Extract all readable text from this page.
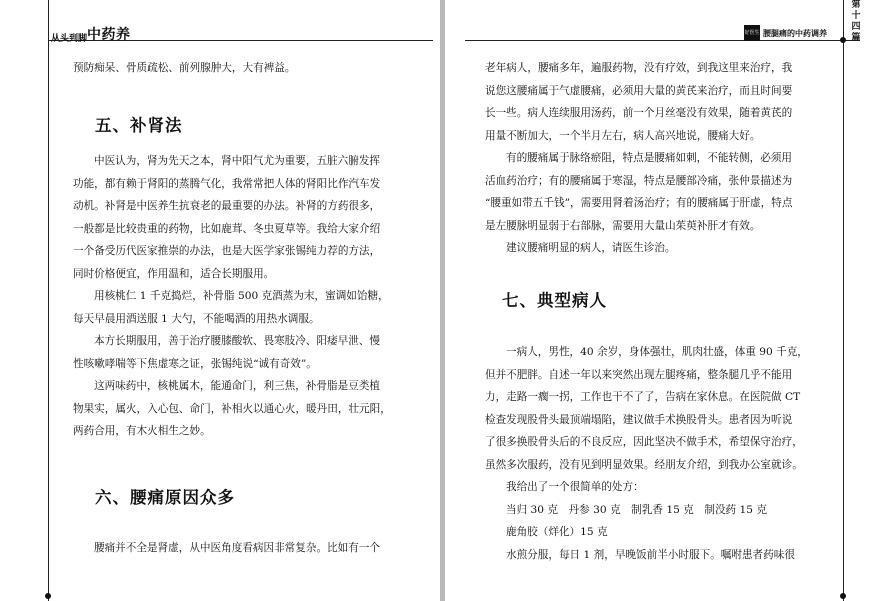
从头到脚 中药养
预防痴呆、骨质疏松、前列腺肿大，大有裨益。
五、补肾法
中医认为，肾为先天之本，肾中阳气尤为重要，五脏六腑发挥
功能，都有赖于肾阳的蒸腾气化，我常常把人体的肾阳比作汽车发
动机。补肾是中医养生抗衰老的最重要的办法。补肾的方药很多，
一般都是比较贵重的药物，比如鹿茸、冬虫夏草等。我给大家介绍
一个备受历代医家推崇的办法，也是大医学家张锡纯力荐的方法，
同时价格便宜，作用温和，适合长期服用。
用核桃仁 1 千克捣烂，补骨脂 500 克酒蒸为末，蜜调如饴糖，
每天早晨用酒送服 1 大勺，不能喝酒的用热水调服。
本方长期服用，善于治疗腰膝酸软、畏寒肢冷、阳痿早泄、慢
性咳嗽哮喘等下焦虚寒之证，张锡纯说“诚有奇效”。
这两味药中，核桃属木，能通命门，利三焦，补骨脂是豆类植
物果实，属火，入心包、命门，补相火以通心火，暖丹田，壮元阳，
两药合用，有木火相生之妙。
六、腰痛原因众多
腰痛并不全是肾虚，从中医角度看病因非常复杂。比如有一个
好医生 腰腿痛的中药调养
第
十
四
篇
老年病人，腰痛多年，遍服药物，没有疗效，到我这里来治疗，我
说您这腰痛属于气虚腰痛，必须用大量的黄芪来治疗，而且时间要
长一些。病人连续服用汤药，前一个月丝毫没有效果，随着黄芪的
用量不断加大，一个半月左右，病人高兴地说，腰痛大好。
有的腰痛属于脉络瘀阻，特点是腰痛如刺，不能转侧，必须用
活血药治疗；有的腰痛属于寒湿，特点是腰部冷痛，张仲景描述为
“腰重如带五千钱”，需要用肾着汤治疗；有的腰痛属于肝虚，特点
是左腰脉明显弱于右部脉，需要用大量山茱萸补肝才有效。
建议腰痛明显的病人，请医生诊治。
七、典型病人
一病人，男性，40 余岁，身体强壮，肌肉壮盛，体重 90 千克，
但并不肥胖。自述一年以来突然出现左腿疼痛，整条腿几乎不能用
力，走路一瘸一拐，工作也干不了了，告病在家休息。在医院做 CT
检查发现股骨头最顶端塌陷，建议做手术换股骨头。患者因为听说
了很多换股骨头后的不良反应，因此坚决不做手术，希望保守治疗，
虽然多次服药，没有见到明显效果。经朋友介绍，到我办公室就诊。
我给出了一个很简单的处方：
当归 30 克　丹参 30 克　制乳香 15 克　制没药 15 克
鹿角胶（烊化）15 克
水煎分服，每日 1 剂，早晚饭前半小时服下。嘱咐患者药味很
